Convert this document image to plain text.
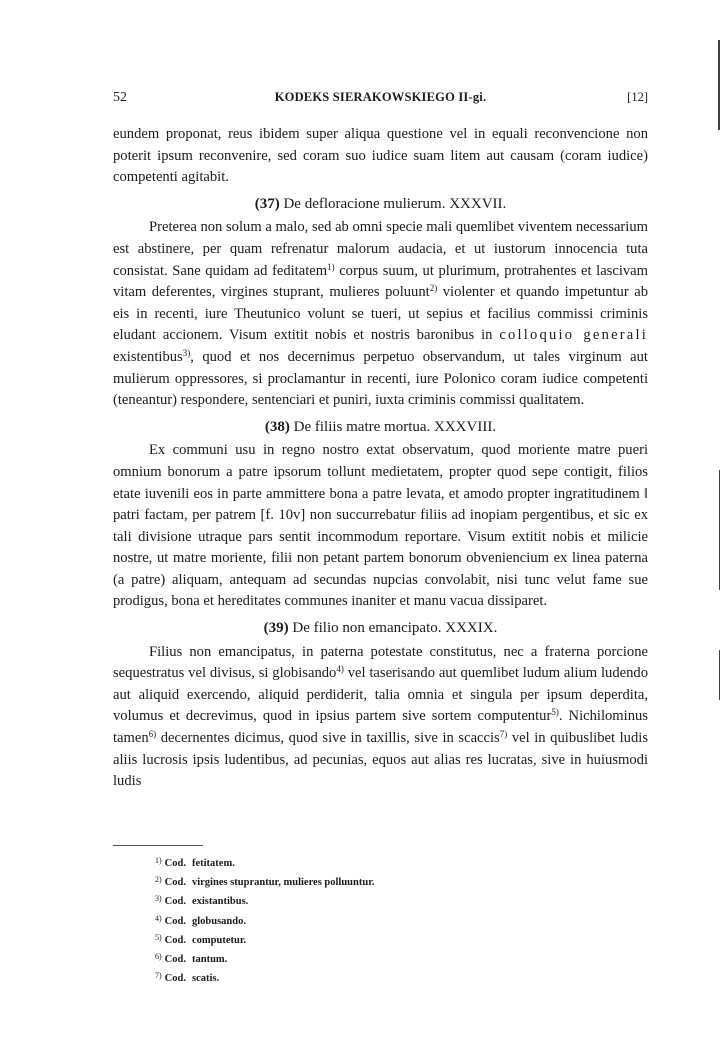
52	KODEKS SIERAKOWSKIEGO II-gi.	[12]

eundem proponat, reus ibidem super aliqua questione vel in equali reconvencione non poterit ipsum reconvenire, sed coram suo iudice suam litem aut causam (coram iudice) competenti agitabit.

(37) De defloracione mulierum. XXXVII.

Preterea non solum a malo, sed ab omni specie mali quemlibet viventem necessarium est abstinere, per quam refrenatur malorum audacia, et ut iustorum innocencia tuta consistat. Sane quidam ad feditatem$^{1)}$ corpus suum, ut plurimum, protrahentes et lascivam vitam deferentes, virgines stuprant, mulieres poluunt$^{2)}$ violenter et quando impetuntur ab eis in recenti, iure Theutunico volunt se tueri, ut sepius et facilius commissi criminis eludant accionem. Visum extitit nobis et nostris baronibus in colloquio generali existentibus$^{3)}$, quod et nos decernimus perpetuo observandum, ut tales virginum aut mulierum oppressores, si proclamantur in recenti, iure Polonico coram iudice competenti (teneantur) respondere, sentenciari et puniri, iuxta criminis commissi qualitatem.

(38) De filiis matre mortua. XXXVIII.

Ex communi usu in regno nostro extat observatum, quod moriente matre pueri omnium bonorum a patre ipsorum tollunt medietatem, propter quod sepe contigit, filios etate iuvenili eos in parte ammittere bona a patre levata, et amodo propter ingratitudinem ‖ patri factam, per patrem [f. 10v] non succurrebatur filiis ad inopiam pergentibus, et sic ex tali divisione utraque pars sentit incommodum reportare. Visum extitit nobis et milicie nostre, ut matre moriente, filii non petant partem bonorum obveniencium ex linea paterna (a patre) aliquam, antequam ad secundas nupcias convolabit, nisi tunc velut fame sue prodigus, bona et hereditates communes inaniter et manu vacua dissiparet.

(39) De filio non emancipato. XXXIX.

Filius non emancipatus, in paterna potestate constitutus, nec a fraterna porcione sequestratus vel divisus, si globisando$^{4)}$ vel taserisando aut quemlibet ludum alium ludendo aut aliquid exercendo, aliquid perdiderit, talia omnia et singula per ipsum deperdita, volumus et decrevimus, quod in ipsius partem sive sortem computentur$^{5)}$. Nichilominus tamen$^{6)}$ decernentes dicimus, quod sive in taxillis, sive in scaccis$^{7)}$ vel in quibuslibet ludis aliis lucrosis ipsis ludentibus, ad pecunias, equos aut alias res lucratas, sive in huiusmodi ludis

$^{1)}$ Cod. fetitatem.
$^{2)}$ Cod. virgines stuprantur, mulieres polluuntur.
$^{3)}$ Cod. existantibus.
$^{4)}$ Cod. globusando.
$^{5)}$ Cod. computetur.
$^{6)}$ Cod. tantum.
$^{7)}$ Cod. scatis.
